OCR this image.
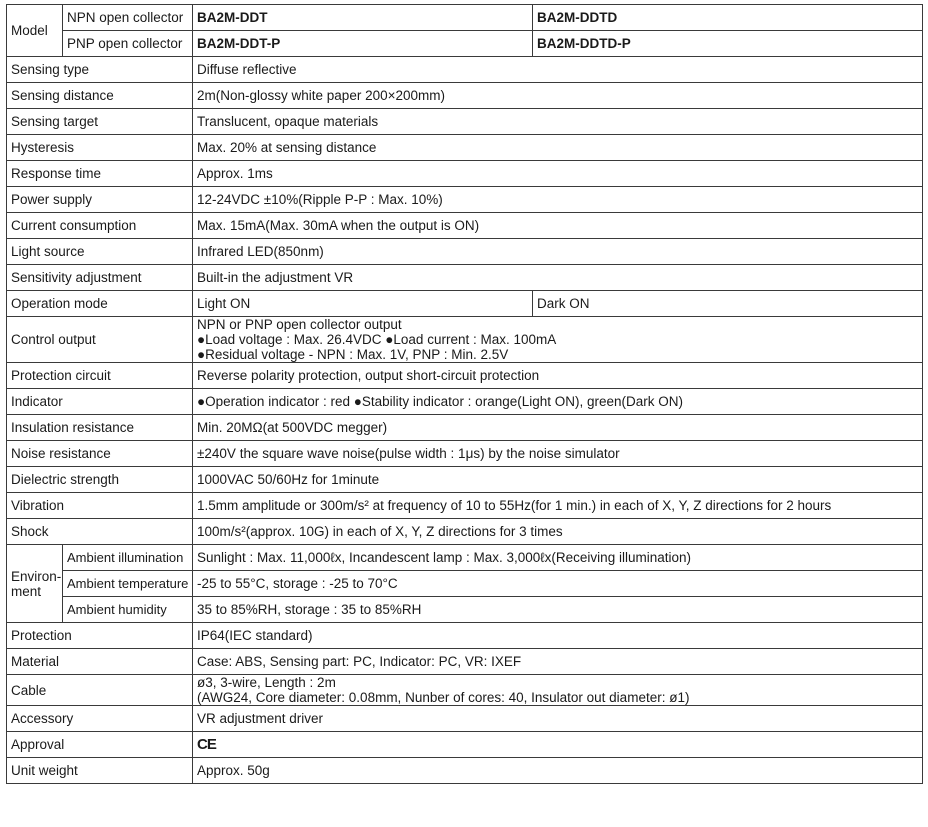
Model	NPN open collector	BA2M-DDT	BA2M-DDTD
	PNP open collector	BA2M-DDT-P	BA2M-DDTD-P
Sensing type		Diffuse reflective	
Sensing distance		2m(Non-glossy white paper 200×200mm)	
Sensing target		Translucent, opaque materials	
Hysteresis		Max. 20% at sensing distance	
Response time		Approx. 1ms	
Power supply		12-24VDC ±10%(Ripple P-P : Max. 10%)	
Current consumption		Max. 15mA(Max. 30mA when the output is ON)	
Light source		Infrared LED(850nm)	
Sensitivity adjustment		Built-in the adjustment VR	
Operation mode		Light ON	Dark ON
Control output		NPN or PNP open collector output
●Load voltage : Max. 26.4VDC ●Load current : Max. 100mA
●Residual voltage - NPN : Max. 1V, PNP : Min. 2.5V	

Protection circuit		Reverse polarity protection, output short-circuit protection	
Indicator		●Operation indicator : red ●Stability indicator : orange(Light ON), green(Dark ON)	
Insulation resistance		Min. 20MΩ(at 500VDC megger)	
Noise resistance		±240V the square wave noise(pulse width : 1μs) by the noise simulator	
Dielectric strength		1000VAC 50/60Hz for 1minute	
Vibration		1.5mm amplitude or 300m/s² at frequency of 10 to 55Hz(for 1 min.) in each of X, Y, Z directions for 2 hours	
Shock		100m/s²(approx. 10G) in each of X, Y, Z directions for 3 times	

Environ-
ment	Ambient illumination	Sunlight : Max. 11,000ℓx, Incandescent lamp : Max. 3,000ℓx(Receiving illumination)	
	Ambient temperature	-25 to 55°C, storage : -25 to 70°C	
	Ambient humidity	35 to 85%RH, storage : 35 to 85%RH	
Protection		IP64(IEC standard)	
Material		Case: ABS, Sensing part: PC, Indicator: PC, VR: IXEF	
Cable		ø3, 3-wire, Length : 2m
(AWG24, Core diameter: 0.08mm, Nunber of cores: 40, Insulator out diameter: ø1)	

Accessory		VR adjustment driver	
Approval		CE	
Unit weight		Approx. 50g	
